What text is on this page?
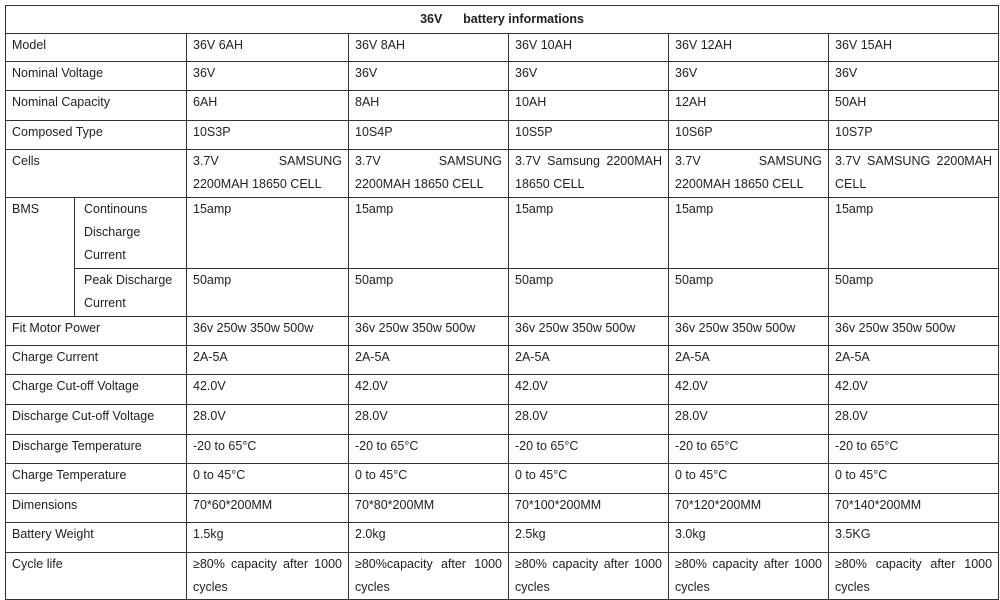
36V      battery informations						
Model		36V 6AH	36V 8AH	36V 10AH	36V 12AH	36V 15AH
Nominal Voltage		36V	36V	36V	36V	36V
Nominal Capacity		6AH	8AH	10AH	12AH	50AH
Composed Type		10S3P	10S4P	10S5P	10S6P	10S7P
Cells		3.7V SAMSUNG 2200MAH 18650 CELL	3.7V SAMSUNG 2200MAH 18650 CELL	3.7V Samsung 2200MAH 18650 CELL	3.7V SAMSUNG 2200MAH 18650 CELL	3.7V SAMSUNG 2200MAH CELL
BMS	Continouns Discharge Current	15amp	15amp	15amp	15amp	15amp
	Peak Discharge Current	50amp	50amp	50amp	50amp	50amp
Fit Motor Power		36v 250w 350w 500w	36v 250w 350w 500w	36v 250w 350w 500w	36v 250w 350w 500w	36v 250w 350w 500w
Charge Current		2A-5A	2A-5A	2A-5A	2A-5A	2A-5A
Charge Cut-off Voltage		42.0V	42.0V	42.0V	42.0V	42.0V
Discharge Cut-off Voltage		28.0V	28.0V	28.0V	28.0V	28.0V
Discharge Temperature		-20 to 65°C	-20 to 65°C	-20 to 65°C	-20 to 65°C	-20 to 65°C
Charge Temperature		0 to 45°C	0 to 45°C	0 to 45°C	0 to 45°C	0 to 45°C
Dimensions		70*60*200MM	70*80*200MM	70*100*200MM	70*120*200MM	70*140*200MM
Battery Weight		1.5kg	2.0kg	2.5kg	3.0kg	3.5KG
Cycle life		≥80% capacity after 1000 cycles	≥80%capacity after 1000 cycles	≥80% capacity after 1000 cycles	≥80% capacity after 1000 cycles	≥80% capacity after 1000 cycles
